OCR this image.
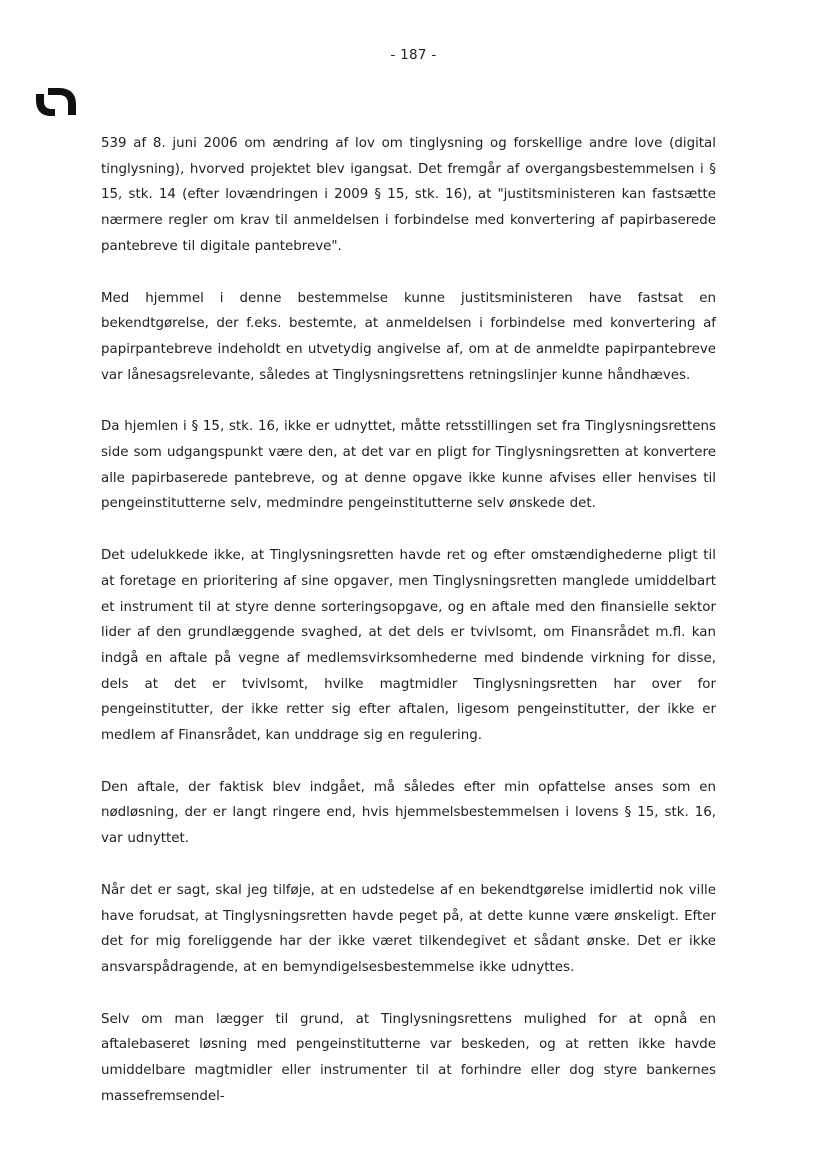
- 187 -

539 af 8. juni 2006 om ændring af lov om tinglysning og forskellige andre love (digital tinglysning), hvorved projektet blev igangsat. Det fremgår af overgangsbestemmelsen i § 15, stk. 14 (efter lovændringen i 2009 § 15, stk. 16), at "justitsministeren kan fastsætte nærmere regler om krav til anmeldelsen i forbindelse med konvertering af papirbaserede pantebreve til digitale pantebreve".

Med hjemmel i denne bestemmelse kunne justitsministeren have fastsat en bekendtgørelse, der f.eks. bestemte, at anmeldelsen i forbindelse med konvertering af papirpantebreve indeholdt en utvetydig angivelse af, om at de anmeldte papirpantebreve var lånesagsrelevante, således at Tinglysningsrettens retningslinjer kunne håndhæves.

Da hjemlen i § 15, stk. 16, ikke er udnyttet, måtte retsstillingen set fra Tinglysningsrettens side som udgangspunkt være den, at det var en pligt for Tinglysningsretten at konvertere alle papirbaserede pantebreve, og at denne opgave ikke kunne afvises eller henvises til pengeinstitutterne selv, medmindre pengeinstitutterne selv ønskede det.

Det udelukkede ikke, at Tinglysningsretten havde ret og efter omstændighederne pligt til at foretage en prioritering af sine opgaver, men Tinglysningsretten manglede umiddelbart et instrument til at styre denne sorteringsopgave, og en aftale med den finansielle sektor lider af den grundlæggende svaghed, at det dels er tvivlsomt, om Finansrådet m.fl. kan indgå en aftale på vegne af medlemsvirksomhederne med bindende virkning for disse, dels at det er tvivlsomt, hvilke magtmidler Tinglysningsretten har over for pengeinstitutter, der ikke retter sig efter aftalen, ligesom pengeinstitutter, der ikke er medlem af Finansrådet, kan unddrage sig en regulering.

Den aftale, der faktisk blev indgået, må således efter min opfattelse anses som en nødløsning, der er langt ringere end, hvis hjemmelsbestemmelsen i lovens § 15, stk. 16, var udnyttet.

Når det er sagt, skal jeg tilføje, at en udstedelse af en bekendtgørelse imidlertid nok ville have forudsat, at Tinglysningsretten havde peget på, at dette kunne være ønskeligt. Efter det for mig foreliggende har der ikke været tilkendegivet et sådant ønske. Det er ikke ansvarspådragende, at en bemyndigelsesbestemmelse ikke udnyttes.

Selv om man lægger til grund, at Tinglysningsrettens mulighed for at opnå en aftalebaseret løsning med pengeinstitutterne var beskeden, og at retten ikke havde umiddelbare magtmidler eller instrumenter til at forhindre eller dog styre bankernes massefremsendel-
